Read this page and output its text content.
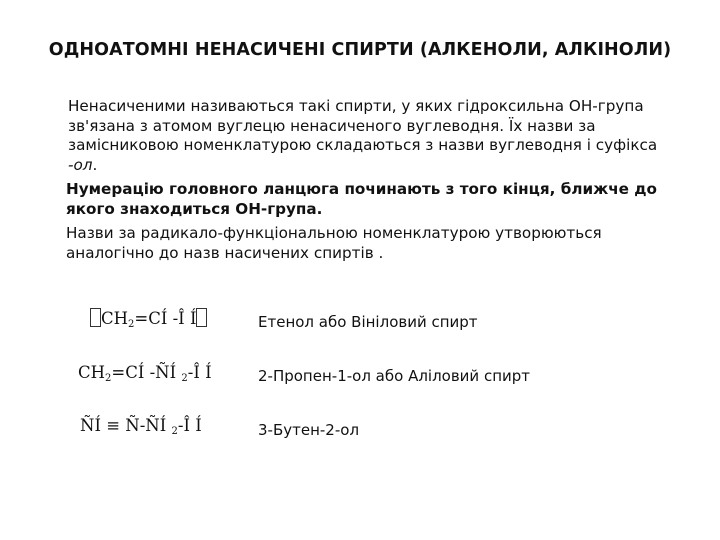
ОДНОАТОМНІ НЕНАСИЧЕНІ СПИРТИ (АЛКЕНОЛИ, АЛКІНОЛИ)

Ненасиченими називаються такі спирти, у яких гідроксильна ОН-група зв'язана з атомом вуглецю ненасиченого вуглеводня. Їх назви за замісниковою номенклатурою складаються з назви вуглеводня і суфікса -ол.

Нумерацію головного ланцюга починають з того кінця, ближче до якого знаходиться ОН-група.

Назви за радикало-функціональною номенклатурою утворюються аналогічно до назв насичених спиртів .

$CH_2=CÍ$ -Î Í
$CH_2=CÍ$ -ÑÍ $_2$-Î Í
ÑÍ ≡ Ñ-ÑÍ $_2$-Î Í
Етенол або Вініловий спирт
2-Пропен-1-ол або Аліловий спирт
3-Бутен-2-ол
